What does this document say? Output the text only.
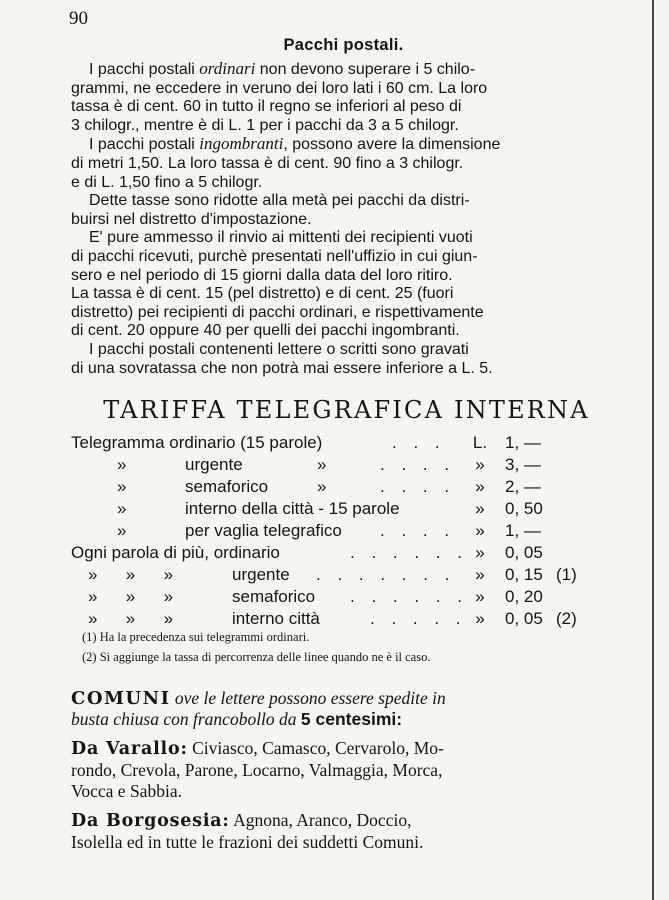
90
Pacchi postali.
I pacchi postali ordinari non devono superare i 5 chilo-
grammi, ne eccedere in veruno dei loro lati i 60 cm. La loro
tassa è di cent. 60 in tutto il regno se inferiori al peso di
3 chilogr., mentre è di L. 1 per i pacchi da 3 a 5 chilogr.
I pacchi postali ingombranti, possono avere la dimensione
di metri 1,50. La loro tassa è di cent. 90 fino a 3 chilogr.
e di L. 1,50 fino a 5 chilogr.
Dette tasse sono ridotte alla metà pei pacchi da distri-
buirsi nel distretto d'impostazione.
E' pure ammesso il rinvio ai mittenti dei recipienti vuoti
di pacchi ricevuti, purchè presentati nell'uffizio in cui giun-
sero e nel periodo di 15 giorni dalla data del loro ritiro.
La tassa è di cent. 15 (pel distretto) e di cent. 25 (fuori
distretto) pei recipienti di pacchi ordinari, e rispettivamente
di cent. 20 oppure 40 per quelli dei pacchi ingombranti.
I pacchi postali contenenti lettere o scritti sono gravati
di una sovratassa che non potrà mai essere inferiore a L. 5.
TARIFFA TELEGRAFICA INTERNA
Telegramma ordinario (15 parole)	. . . L. 1, —
»	urgente	»	. . . . » 3, —
»	semaforico	»	. . . . » 2, —
»	interno della città - 15 parole	» 0, 50
»	per vaglia telegrafico . . . . » 1, —
Ogni parola di più, ordinario	. . . . . . » 0, 05
»      »      »	urgente . . . . . . . » 0, 15 (1)
»      »      »	semaforico . . . . . . » 0, 20
»      »      »	interno città	. . . . . » 0, 05 (2)
(1) Ha la precedenza sui telegrammi ordinari.
(2) Si aggiunge la tassa di percorrenza delle linee quando ne è il caso.
COMUNI ove le lettere possono essere spedite in
busta chiusa con francobollo da 5 centesimi:
Da Varallo: Civiasco, Camasco, Cervarolo, Mo-
rondo, Crevola, Parone, Locarno, Valmaggia, Morca,
Vocca e Sabbia.
Da Borgosesia: Agnona, Aranco, Doccio,
Isolella ed in tutte le frazioni dei suddetti Comuni.
